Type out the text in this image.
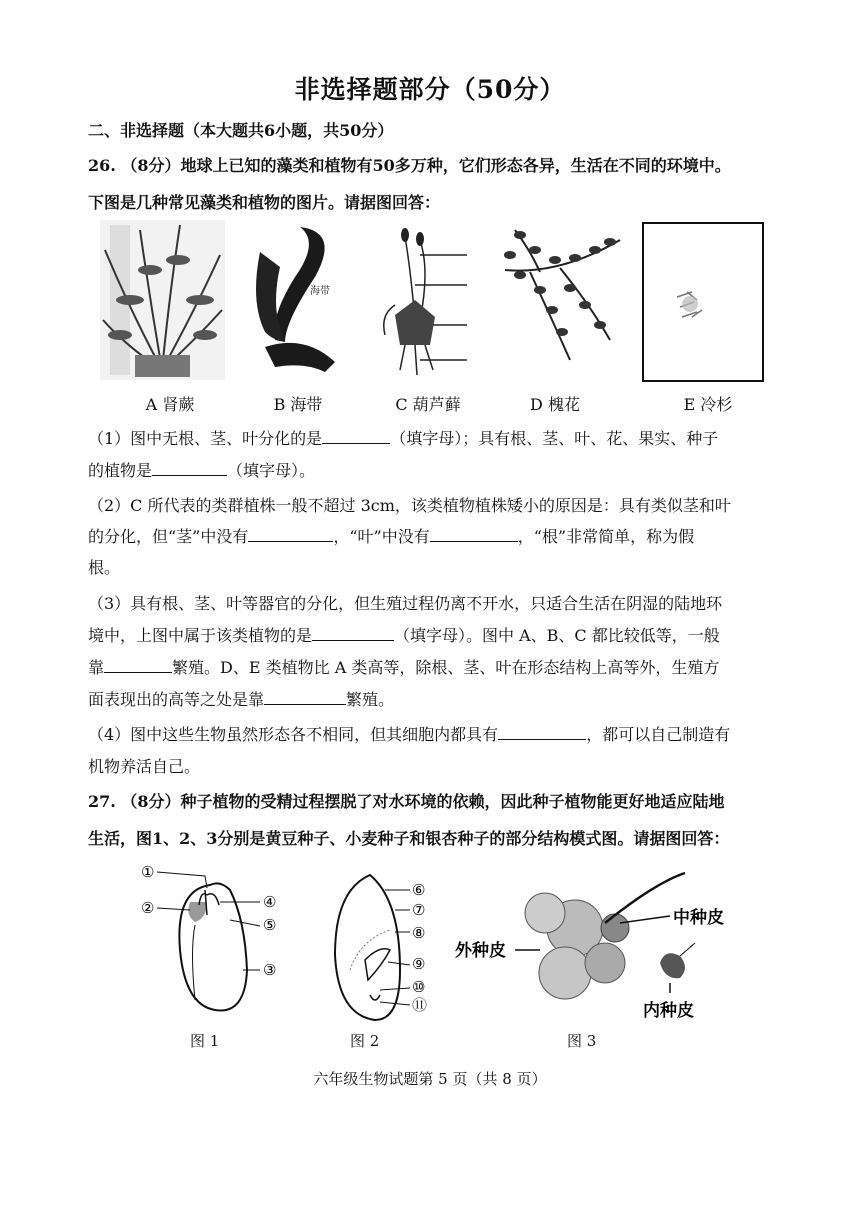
非选择题部分（50分）
二、非选择题（本大题共6小题，共50分）
26. （8分）地球上已知的藻类和植物有50多万种，它们形态各异，生活在不同的环境中。
下图是几种常见藻类和植物的图片。请据图回答：
海带
A 肾蕨	B 海带	C 葫芦藓	D 槐花	E 冷杉
（1）图中无根、茎、叶分化的是	（填字母）；具有根、茎、叶、花、果实、种子
的植物是	（填字母）。
（2）C 所代表的类群植株一般不超过 3cm，该类植物植株矮小的原因是：具有类似茎和叶
的分化，但“茎”中没有	，“叶”中没有	，“根”非常简单，称为假
根。
（3）具有根、茎、叶等器官的分化，但生殖过程仍离不开水，只适合生活在阴湿的陆地环
境中，上图中属于该类植物的是	（填字母）。图中 A、B、C 都比较低等，一般
靠	繁殖。D、E 类植物比 A 类高等，除根、茎、叶在形态结构上高等外，生殖方
面表现出的高等之处是靠	繁殖。
（4）图中这些生物虽然形态各不相同，但其细胞内都具有	，都可以自己制造有
机物养活自己。
27. （8分）种子植物的受精过程摆脱了对水环境的依赖，因此种子植物能更好地适应陆地
生活，图1、2、3分别是黄豆种子、小麦种子和银杏种子的部分结构模式图。请据图回答：
①
②	④
⑤
③
⑥
⑦
⑧
⑨
⑩
⑪
中种皮
外种皮
内种皮
图 1	图 2	图 3
六年级生物试题第 5 页（共 8 页）
